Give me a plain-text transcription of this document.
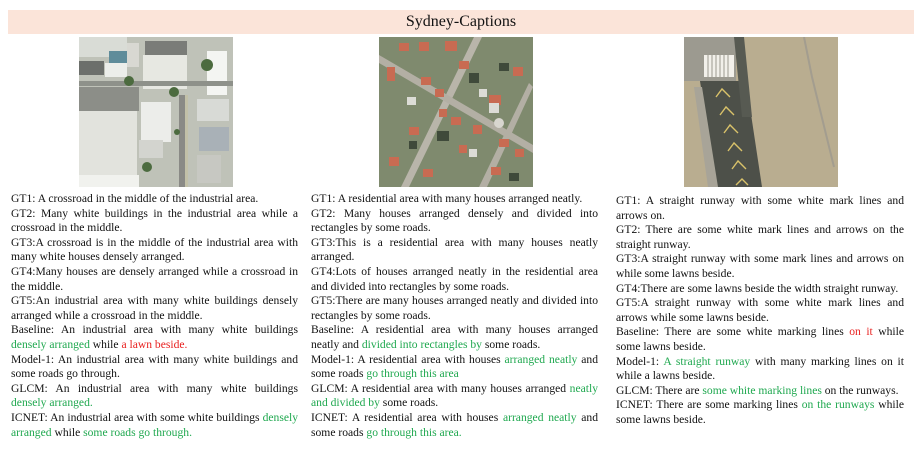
Sydney-Captions

GT1: A crossroad in the middle of the industrial area.

GT2: Many white buildings in the industrial area while a crossroad in the middle.

GT3:A crossroad is in the middle of the industrial area with many white houses densely arranged.

GT4:Many houses are densely arranged while a crossroad in the middle.

GT5:An industrial area with many white buildings densely arranged while a crossroad in the middle.

Baseline: An industrial area with many white buildings densely arranged while a lawn beside.

Model-1: An industrial area with many white buildings and some roads go through.

GLCM: An industrial area with many white buildings densely arranged.

ICNET: An industrial area with some white buildings densely arranged while some roads go through.

GT1: A residential area with many houses arranged neatly.

GT2: Many houses arranged densely and divided into rectangles by some roads.

GT3:This is a residential area with many houses neatly arranged.

GT4:Lots of houses arranged neatly in the residential area and divided into rectangles by some roads.

GT5:There are many houses arranged neatly and divided into rectangles by some roads.

Baseline: A residential area with many houses arranged neatly and divided into rectangles by some roads.

Model-1: A residential area with houses arranged neatly and some roads go through this area

GLCM: A residential area with many houses arranged neatly and divided by some roads.

ICNET: A residential area with houses arranged neatly and some roads go through this area.

GT1: A straight runway with some white mark lines and arrows on.

GT2: There are some white mark lines and arrows on the straight runway.

GT3:A straight runway with some mark lines and arrows on while some lawns beside.

GT4:There are some lawns beside the width straight runway.

GT5:A straight runway with some white mark lines and arrows while some lawns beside.

Baseline: There are some white marking lines on it while some lawns beside.

Model-1: A straight runway with many marking lines on it while a lawns beside.

GLCM: There are some white marking lines on the runways.

ICNET: There are some marking lines on the runways while some lawns beside.
